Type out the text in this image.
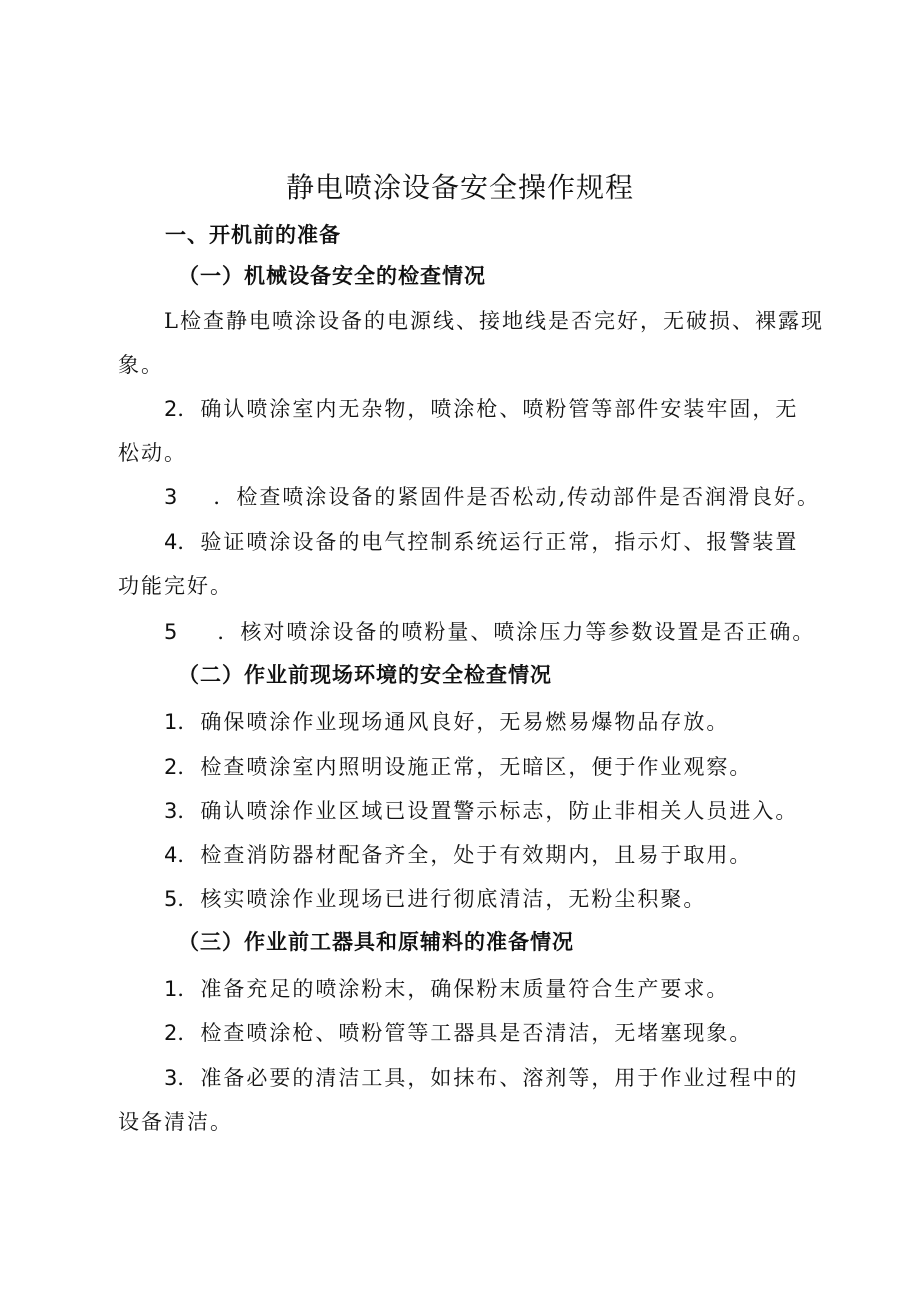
静电喷涂设备安全操作规程
一、开机前的准备
（一）机械设备安全的检查情况
L检查静电喷涂设备的电源线、接地线是否完好，无破损、裸露现
象。
2．确认喷涂室内无杂物，喷涂枪、喷粉管等部件安装牢固，无
松动。
3 ．检查喷涂设备的紧固件是否松动,传动部件是否润滑良好。
4．验证喷涂设备的电气控制系统运行正常，指示灯、报警装置
功能完好。
5 ．核对喷涂设备的喷粉量、喷涂压力等参数设置是否正确。
（二）作业前现场环境的安全检查情况
1．确保喷涂作业现场通风良好，无易燃易爆物品存放。
2．检查喷涂室内照明设施正常，无暗区，便于作业观察。
3．确认喷涂作业区域已设置警示标志，防止非相关人员进入。
4．检查消防器材配备齐全，处于有效期内，且易于取用。
5．核实喷涂作业现场已进行彻底清洁，无粉尘积聚。
（三）作业前工器具和原辅料的准备情况
1．准备充足的喷涂粉末，确保粉末质量符合生产要求。
2．检查喷涂枪、喷粉管等工器具是否清洁，无堵塞现象。
3．准备必要的清洁工具，如抹布、溶剂等，用于作业过程中的
设备清洁。
